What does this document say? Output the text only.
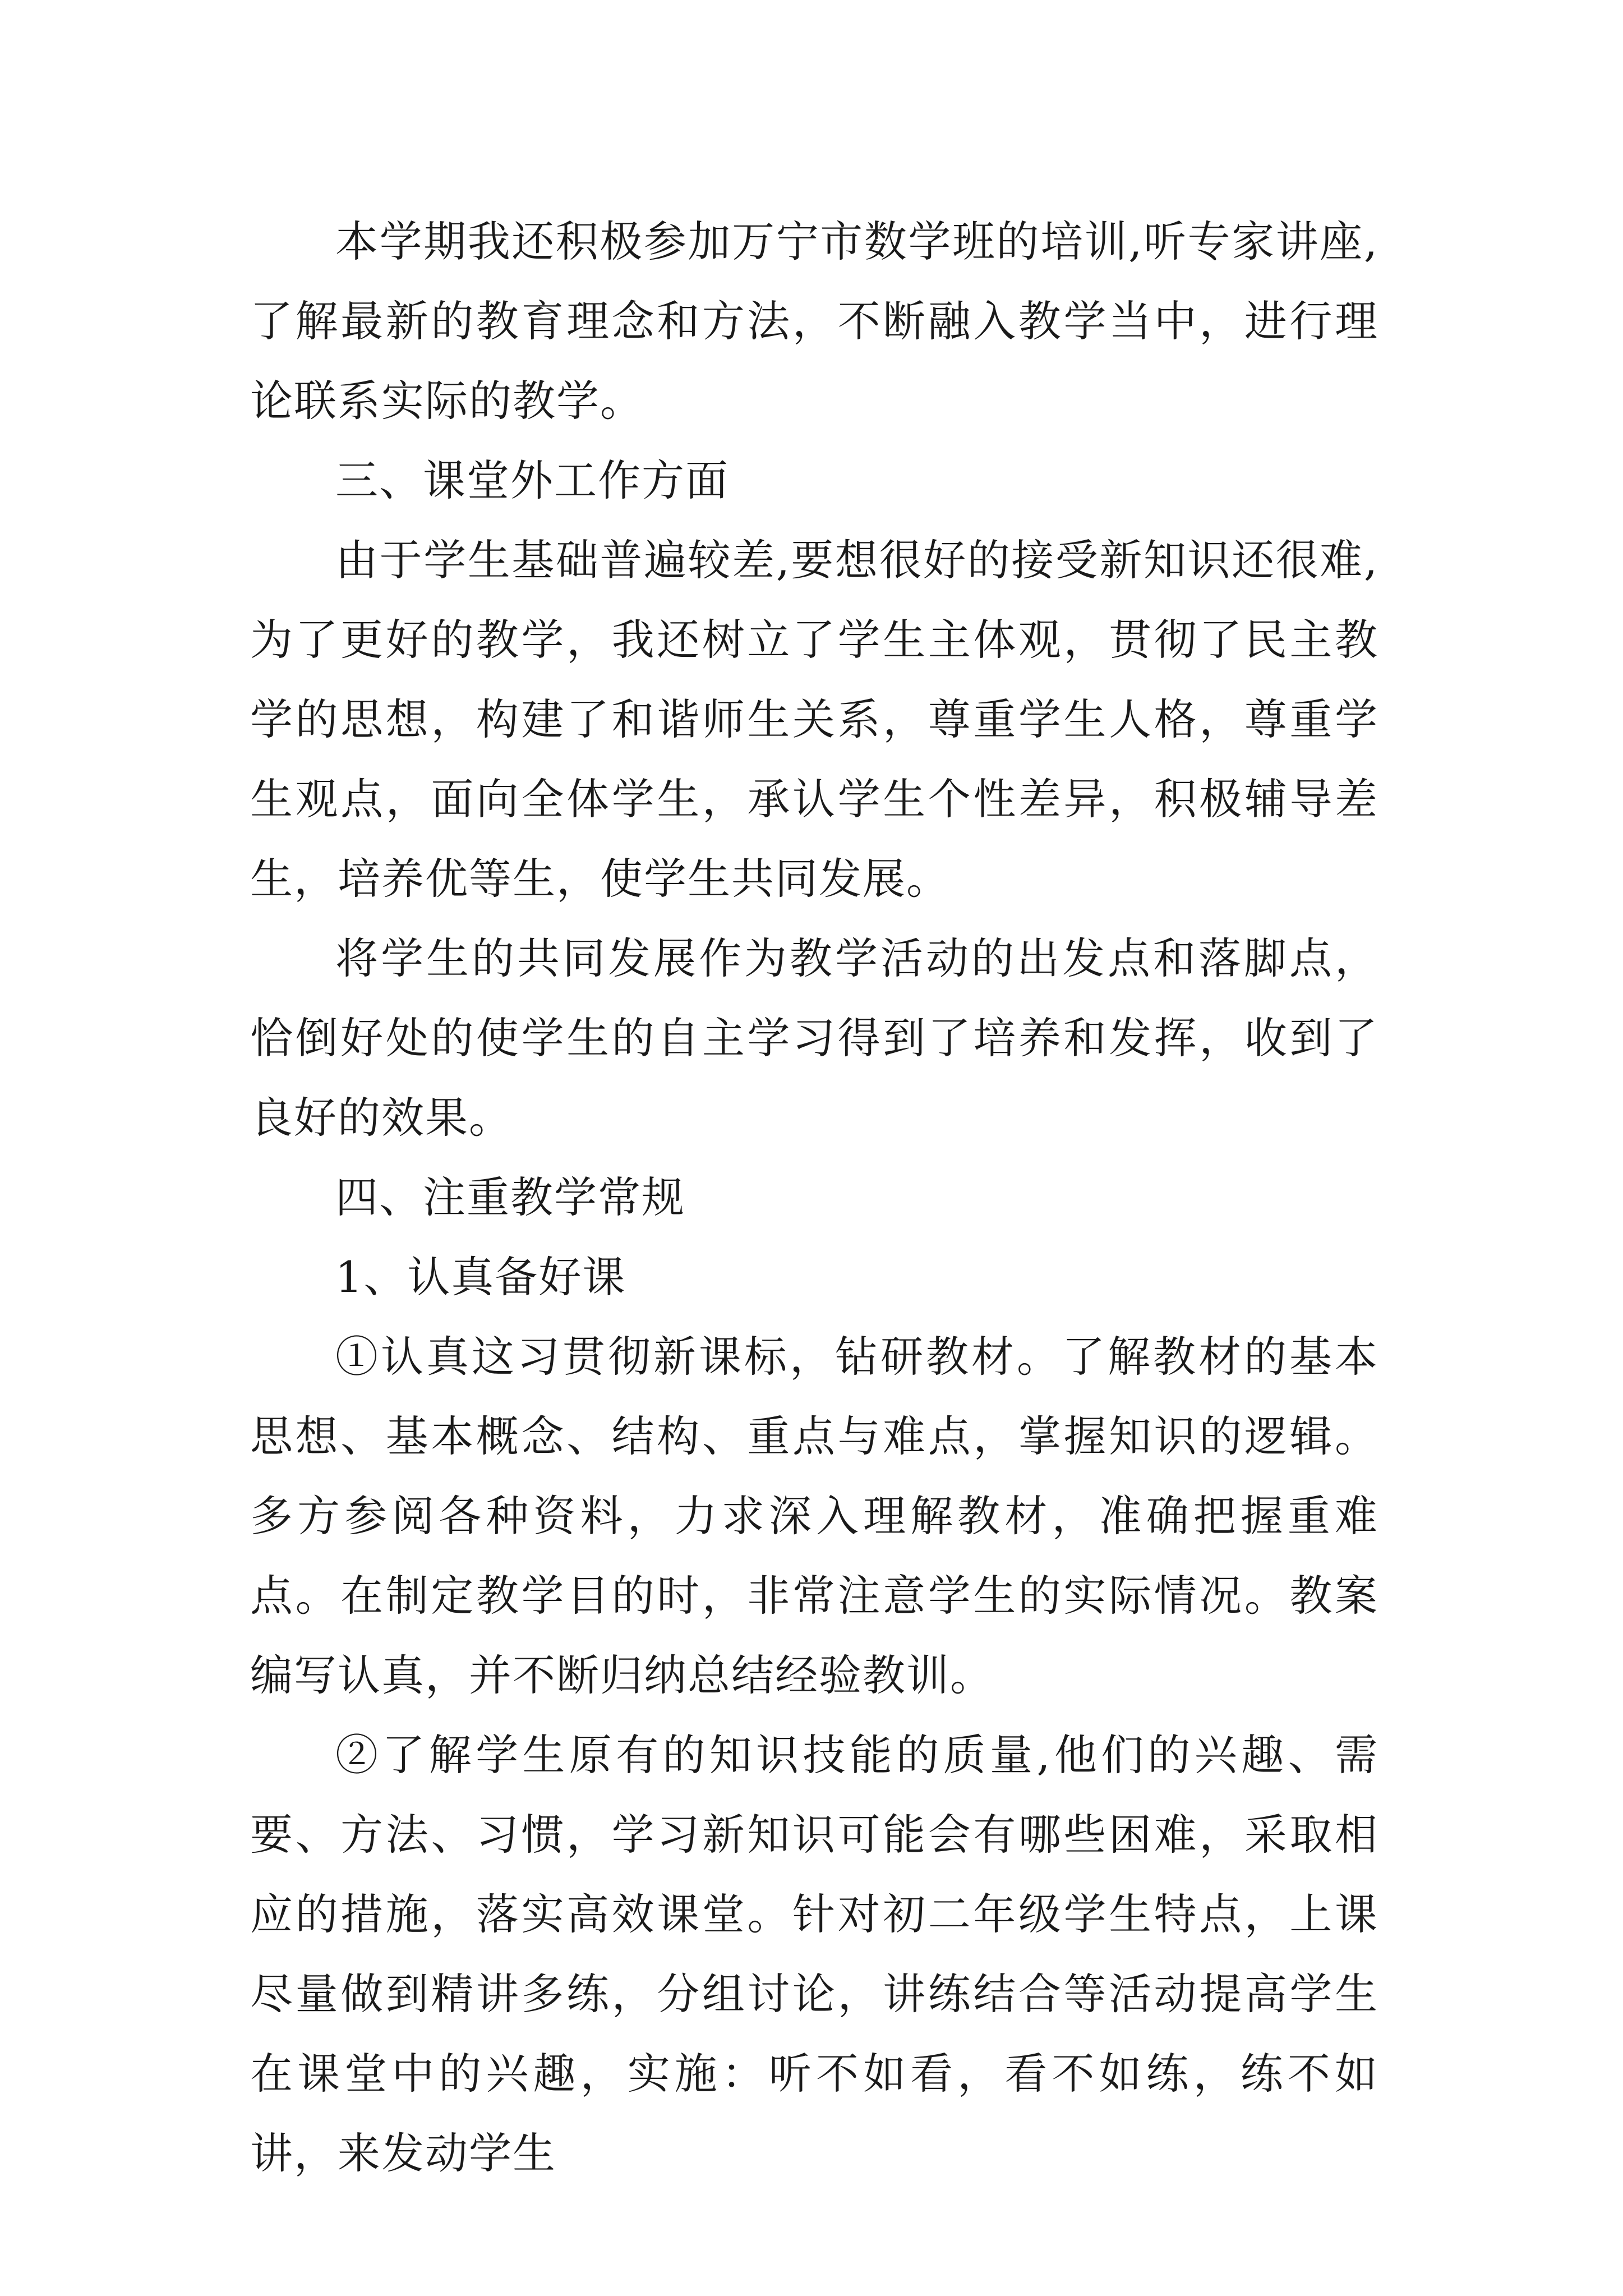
本学期我还积极参加万宁市数学班的培训,听专家讲座,了解最新的教育理念和方法，不断融入教学当中，进行理论联系实际的教学。

三、课堂外工作方面

由于学生基础普遍较差,要想很好的接受新知识还很难,为了更好的教学，我还树立了学生主体观，贯彻了民主教学的思想，构建了和谐师生关系，尊重学生人格，尊重学生观点，面向全体学生，承认学生个性差异，积极辅导差生，培养优等生，使学生共同发展。

将学生的共同发展作为教学活动的出发点和落脚点，恰倒好处的使学生的自主学习得到了培养和发挥，收到了良好的效果。

四、注重教学常规

1、认真备好课

①认真这习贯彻新课标，钻研教材。了解教材的基本思想、基本概念、结构、重点与难点，掌握知识的逻辑。多方参阅各种资料，力求深入理解教材，准确把握重难点。在制定教学目的时，非常注意学生的实际情况。教案编写认真，并不断归纳总结经验教训。

②了解学生原有的知识技能的质量,他们的兴趣、需要、方法、习惯，学习新知识可能会有哪些困难，采取相应的措施，落实高效课堂。针对初二年级学生特点，上课尽量做到精讲多练，分组讨论，讲练结合等活动提高学生在课堂中的兴趣，实施：听不如看，看不如练，练不如讲，来发动学生
